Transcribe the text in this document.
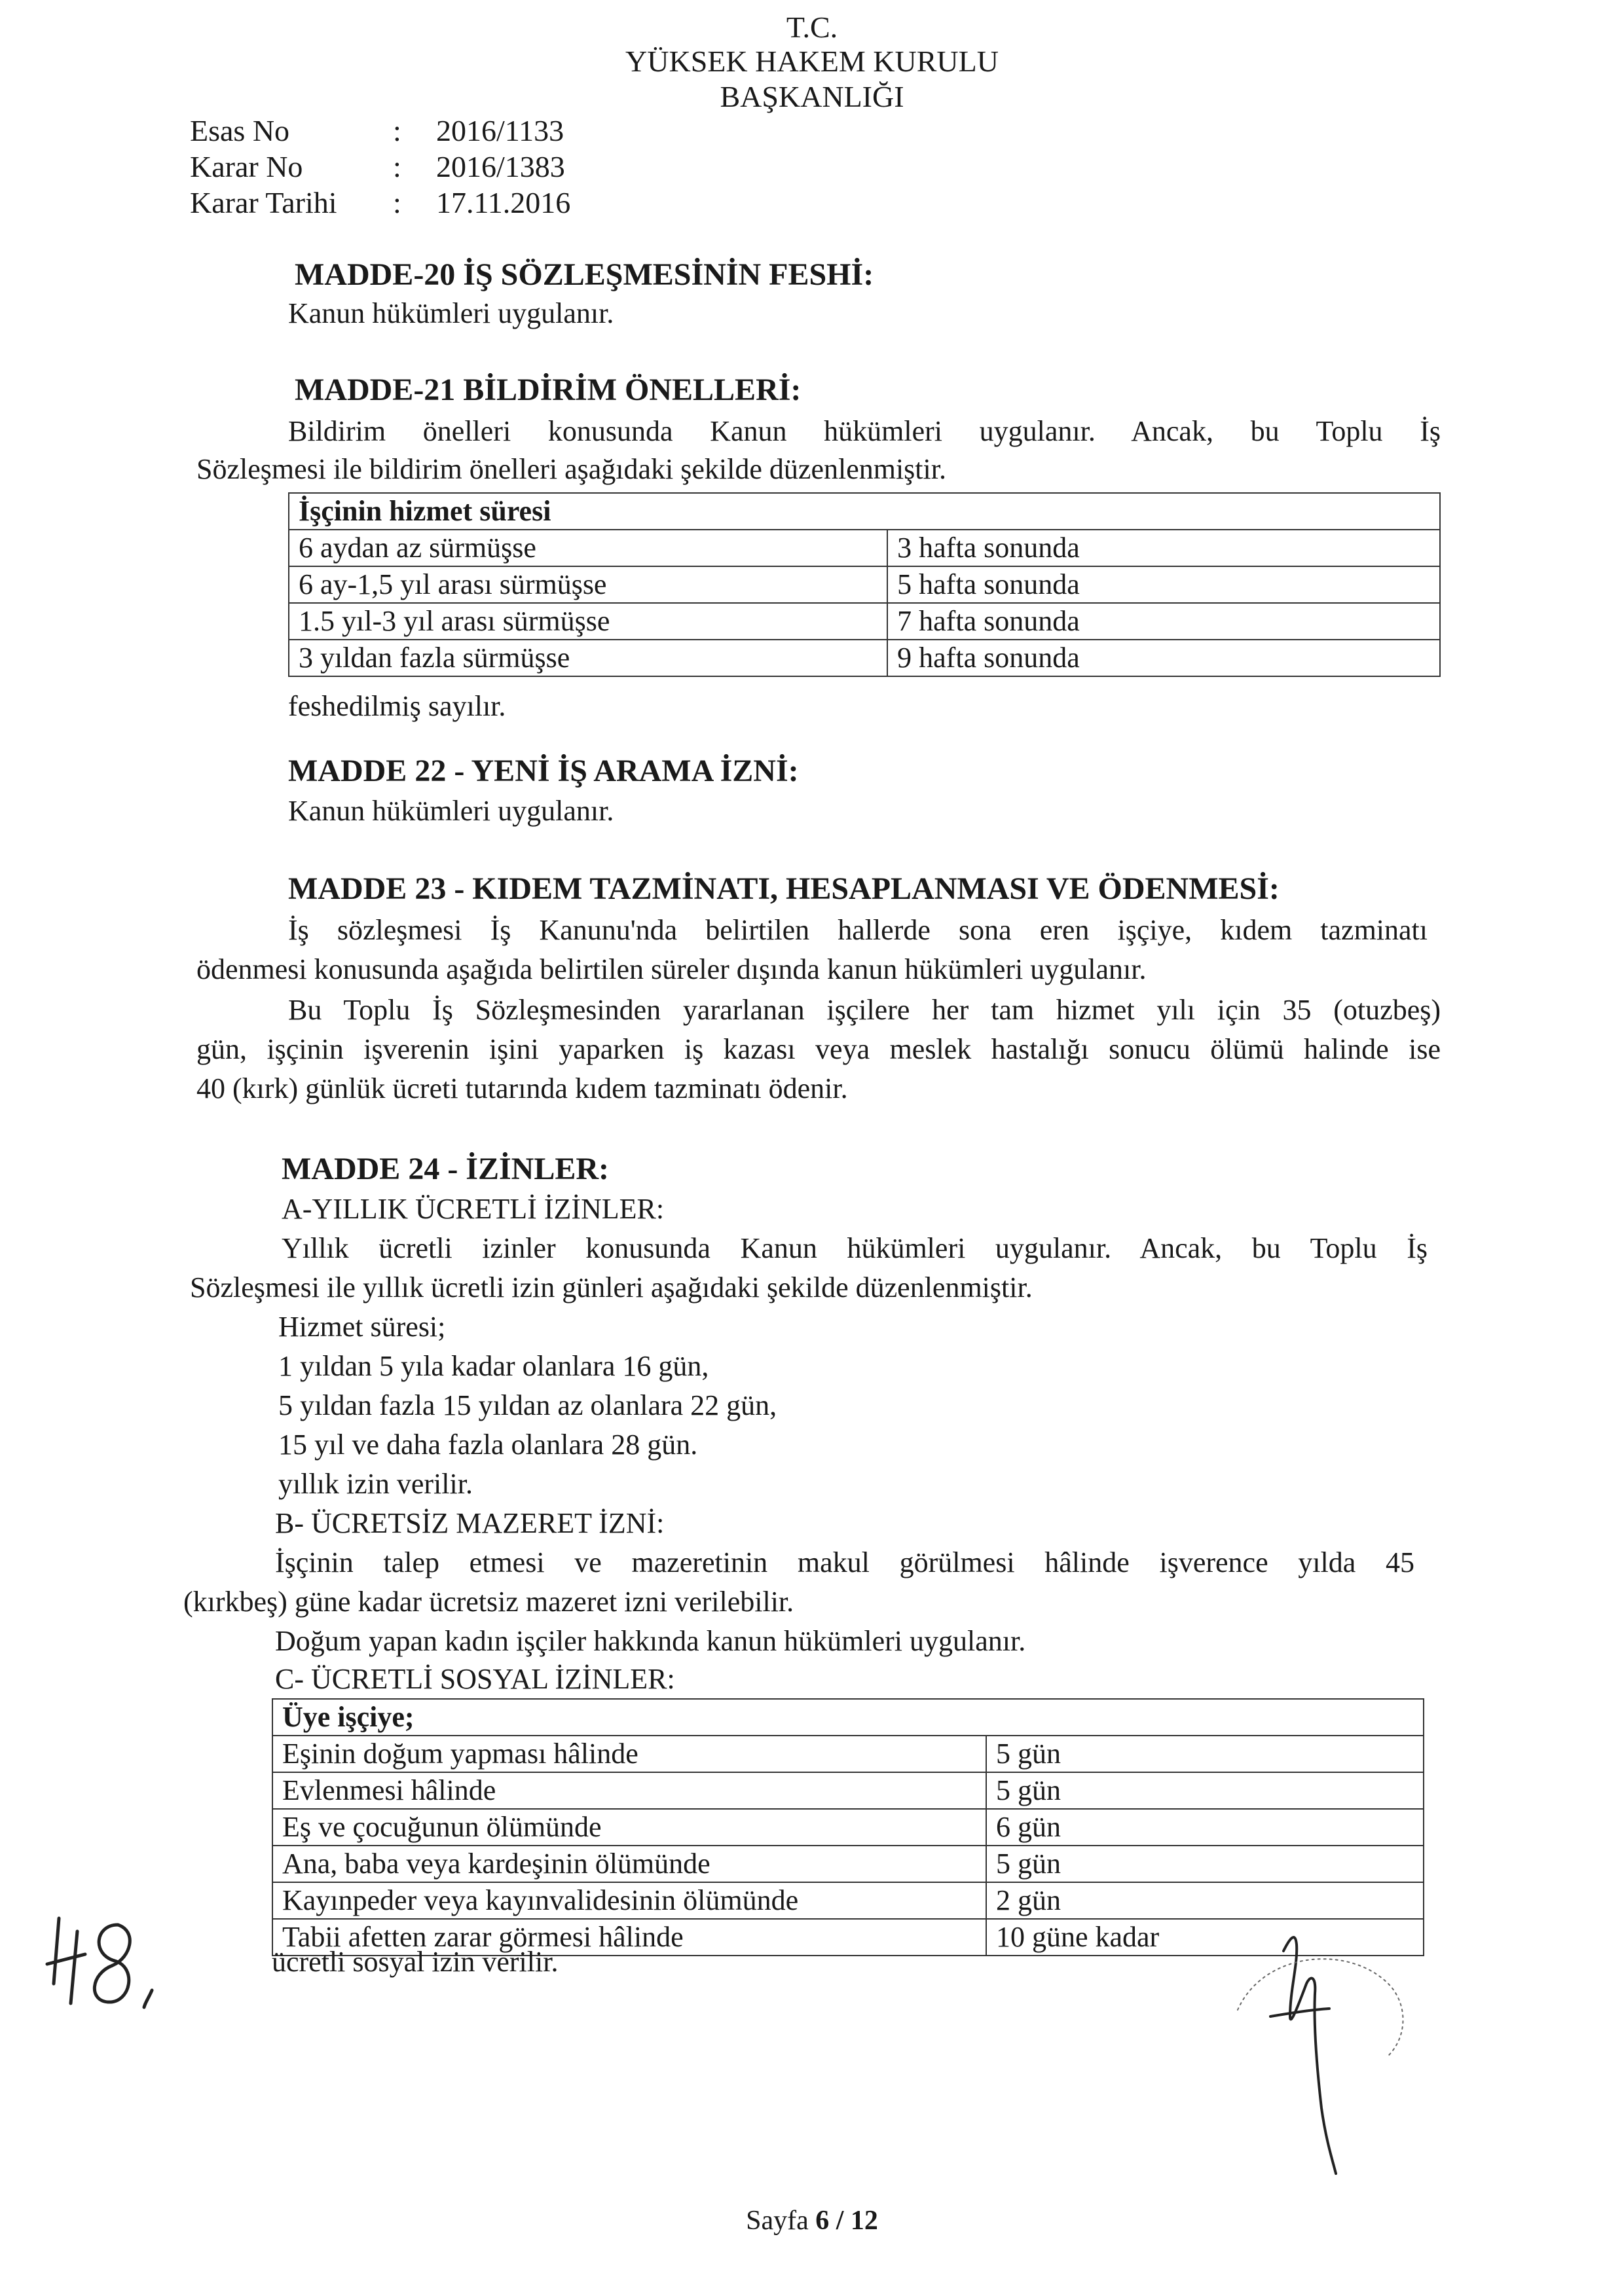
T.C.
YÜKSEK HAKEM KURULU
BAŞKANLIĞI
Esas No	: 2016/1133
Karar No	: 2016/1383
Karar Tarihi : 17.11.2016
MADDE-20 İŞ SÖZLEŞMESİNİN FESHİ:
Kanun hükümleri uygulanır.
MADDE-21 BİLDİRİM ÖNELLERİ:
Bildirim önelleri konusunda Kanun hükümleri uygulanır. Ancak, bu Toplu İş
Sözleşmesi ile bildirim önelleri aşağıdaki şekilde düzenlenmiştir.
İşçinin hizmet süresi	
6 aydan az sürmüşse	3 hafta sonunda
6 ay-1,5 yıl arası sürmüşse	5 hafta sonunda
1.5 yıl-3 yıl arası sürmüşse	7 hafta sonunda
3 yıldan fazla sürmüşse	9 hafta sonunda
feshedilmiş sayılır.
MADDE 22 - YENİ İŞ ARAMA İZNİ:
Kanun hükümleri uygulanır.
MADDE 23 - KIDEM TAZMİNATI, HESAPLANMASI VE ÖDENMESİ:
İş sözleşmesi İş Kanunu'nda belirtilen hallerde sona eren işçiye, kıdem tazminatı
ödenmesi konusunda aşağıda belirtilen süreler dışında kanun hükümleri uygulanır.
Bu Toplu İş Sözleşmesinden yararlanan işçilere her tam hizmet yılı için 35 (otuzbeş)
gün, işçinin işverenin işini yaparken iş kazası veya meslek hastalığı sonucu ölümü halinde ise
40 (kırk) günlük ücreti tutarında kıdem tazminatı ödenir.
MADDE 24 - İZİNLER:
A-YILLIK ÜCRETLİ İZİNLER:
Yıllık ücretli izinler konusunda Kanun hükümleri uygulanır. Ancak, bu Toplu İş
Sözleşmesi ile yıllık ücretli izin günleri aşağıdaki şekilde düzenlenmiştir.
Hizmet süresi;
1 yıldan 5 yıla kadar olanlara 16 gün,
5 yıldan fazla 15 yıldan az olanlara 22 gün,
15 yıl ve daha fazla olanlara 28 gün.
yıllık izin verilir.
B- ÜCRETSİZ MAZERET İZNİ:
İşçinin talep etmesi ve mazeretinin makul görülmesi hâlinde işverence yılda 45
(kırkbeş) güne kadar ücretsiz mazeret izni verilebilir.
Doğum yapan kadın işçiler hakkında kanun hükümleri uygulanır.
C- ÜCRETLİ SOSYAL İZİNLER:
Üye işçiye;	
Eşinin doğum yapması hâlinde	5 gün
Evlenmesi hâlinde	5 gün
Eş ve çocuğunun ölümünde	6 gün
Ana, baba veya kardeşinin ölümünde	5 gün
Kayınpeder veya kayınvalidesinin ölümünde	2 gün
Tabii afetten zarar görmesi hâlinde	10 güne kadar
ücretli sosyal izin verilir.
Sayfa 6 / 12
